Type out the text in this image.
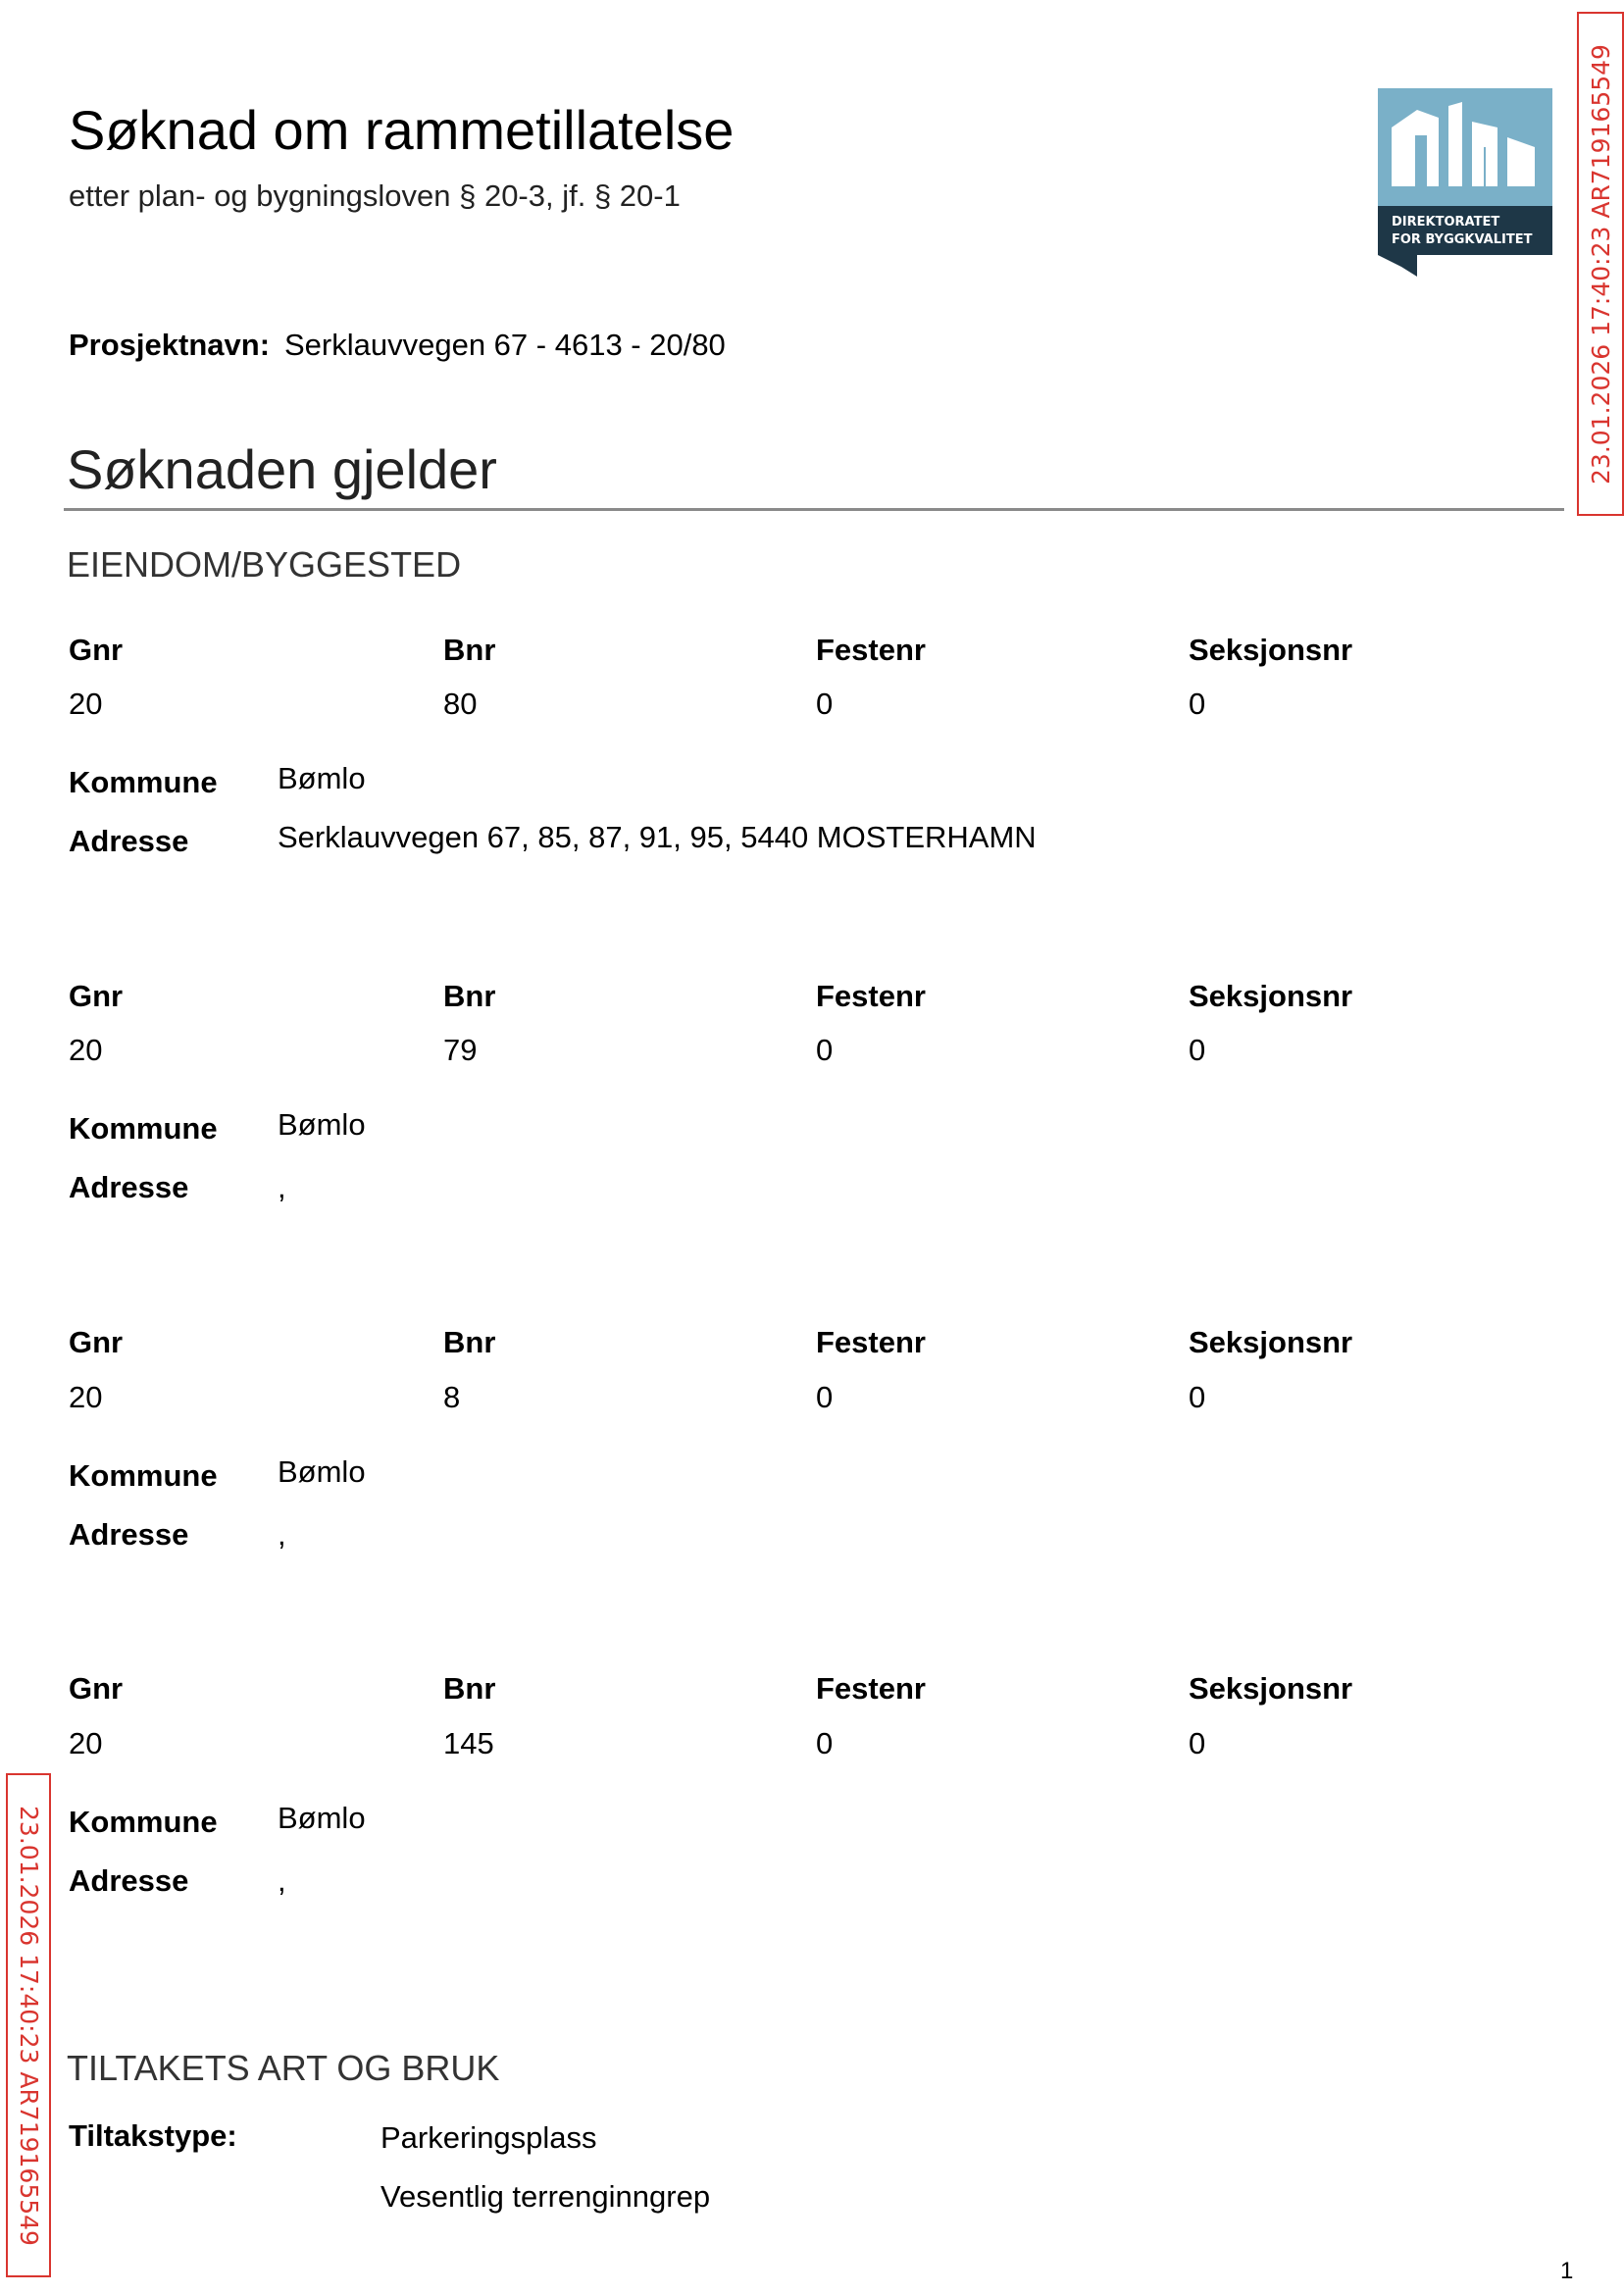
Søknad om rammetillatelse
etter plan- og bygningsloven § 20-3, jf. § 20-1
DIREKTORATET
FOR BYGGKVALITET 23.01.2026 17:40:23 AR719165549
23.01.2026 17:40:23 AR719165549
Prosjektnavn: Serklauvvegen 67 - 4613 - 20/80
Søknaden gjelder
EIENDOM/BYGGESTED
Gnr	Bnr	Festenr	Seksjonsnr
20	80	0	0
Kommune Bømlo
Adresse	Serklauvvegen 67, 85, 87, 91, 95, 5440 MOSTERHAMN
Gnr	Bnr	Festenr	Seksjonsnr
20	79	0	0
Kommune Bømlo
Adresse	,
Gnr	Bnr	Festenr	Seksjonsnr
20	8	0	0
Kommune Bømlo
Adresse	,
Gnr	Bnr	Festenr	Seksjonsnr
20	145	0	0
Kommune Bømlo
Adresse	,
TILTAKETS ART OG BRUK
Tiltakstype:	Parkeringsplass
Vesentlig terrenginngrep
1
